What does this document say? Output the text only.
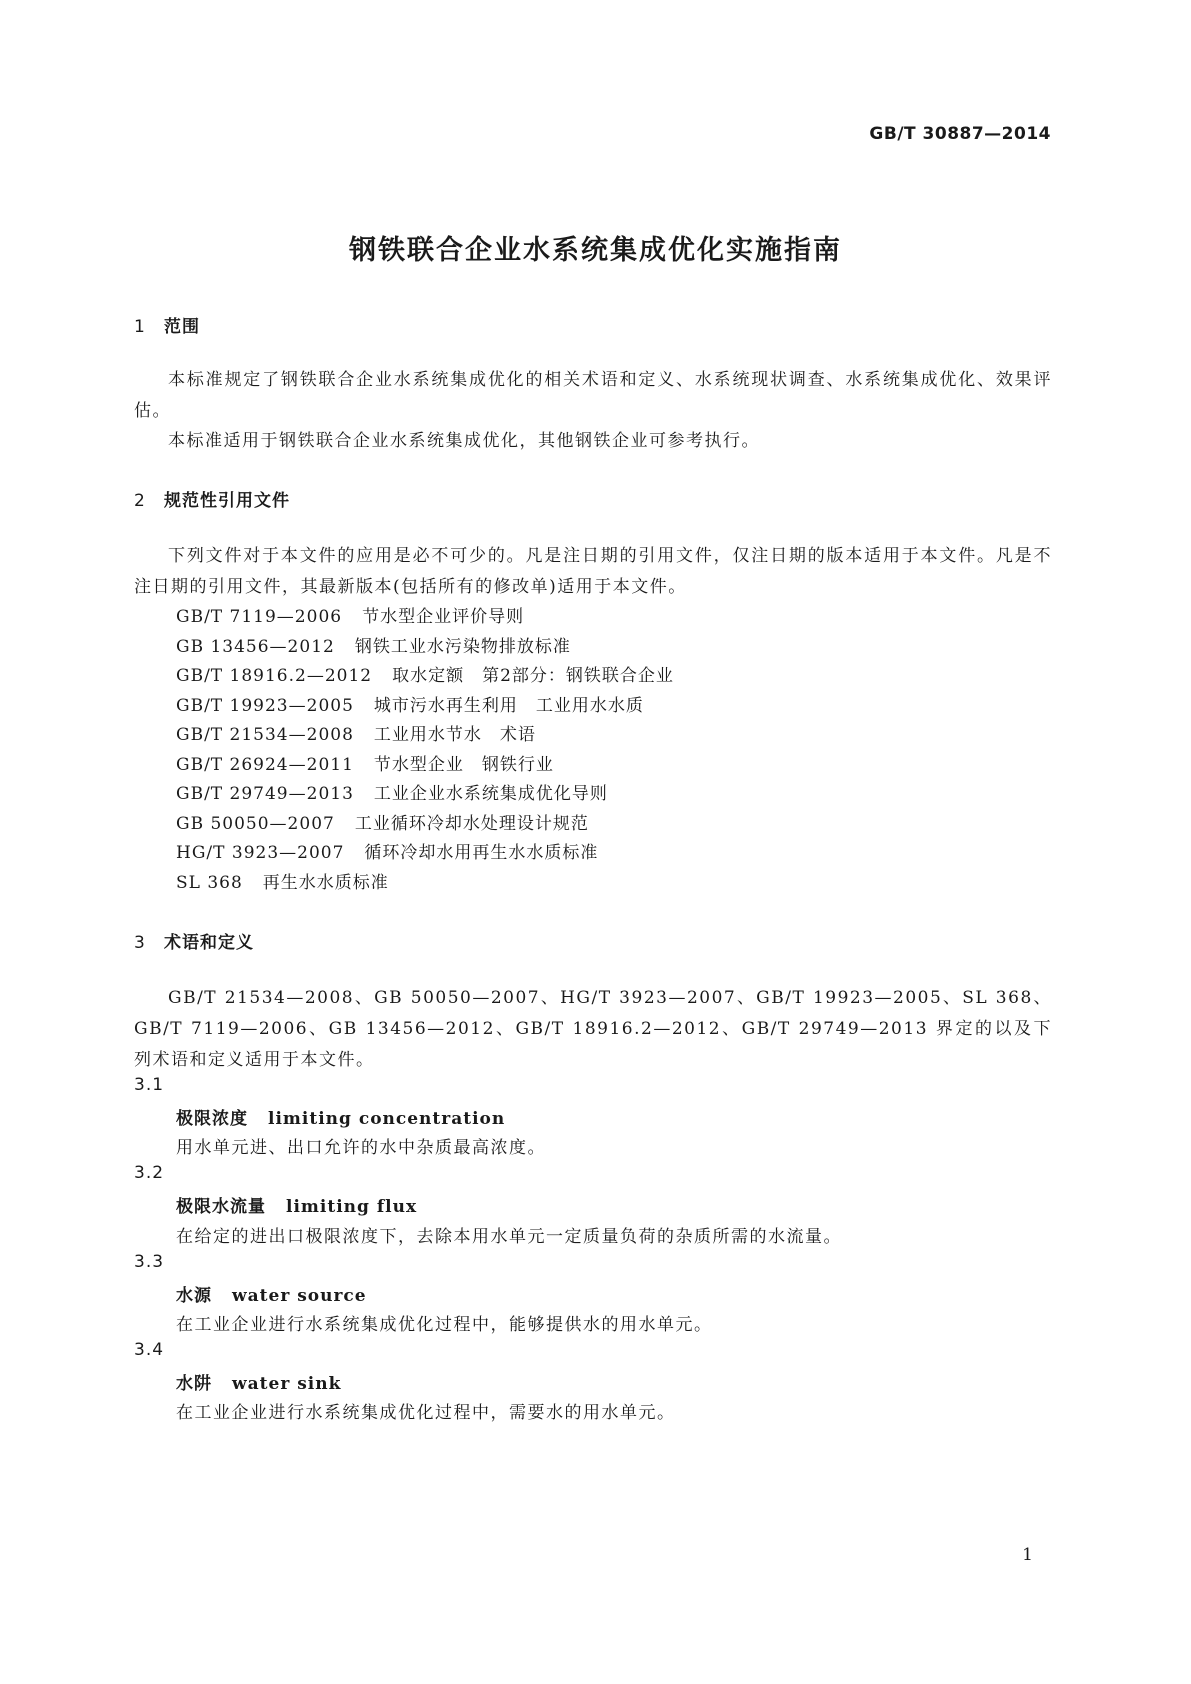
GB/T 30887—2014
钢铁联合企业水系统集成优化实施指南
1 范围
本标准规定了钢铁联合企业水系统集成优化的相关术语和定义、水系统现状调查、水系统集成优化、效果评估。
本标准适用于钢铁联合企业水系统集成优化，其他钢铁企业可参考执行。
2 规范性引用文件
下列文件对于本文件的应用是必不可少的。凡是注日期的引用文件，仅注日期的版本适用于本文件。凡是不注日期的引用文件，其最新版本(包括所有的修改单)适用于本文件。
GB/T 7119—2006 节水型企业评价导则
GB 13456—2012 钢铁工业水污染物排放标准
GB/T 18916.2—2012 取水定额　第2部分：钢铁联合企业
GB/T 19923—2005 城市污水再生利用　工业用水水质
GB/T 21534—2008 工业用水节水　术语
GB/T 26924—2011 节水型企业　钢铁行业
GB/T 29749—2013 工业企业水系统集成优化导则
GB 50050—2007 工业循环冷却水处理设计规范
HG/T 3923—2007 循环冷却水用再生水水质标准
SL 368 再生水水质标准
3 术语和定义
GB/T 21534—2008、GB 50050—2007、HG/T 3923—2007、GB/T 19923—2005、SL 368、GB/T 7119—2006、GB 13456—2012、GB/T 18916.2—2012、GB/T 29749—2013 界定的以及下列术语和定义适用于本文件。
3.1
极限浓度 limiting concentration
用水单元进、出口允许的水中杂质最高浓度。
3.2
极限水流量 limiting flux
在给定的进出口极限浓度下，去除本用水单元一定质量负荷的杂质所需的水流量。
3.3
水源 water source
在工业企业进行水系统集成优化过程中，能够提供水的用水单元。
3.4
水阱 water sink
在工业企业进行水系统集成优化过程中，需要水的用水单元。
1
